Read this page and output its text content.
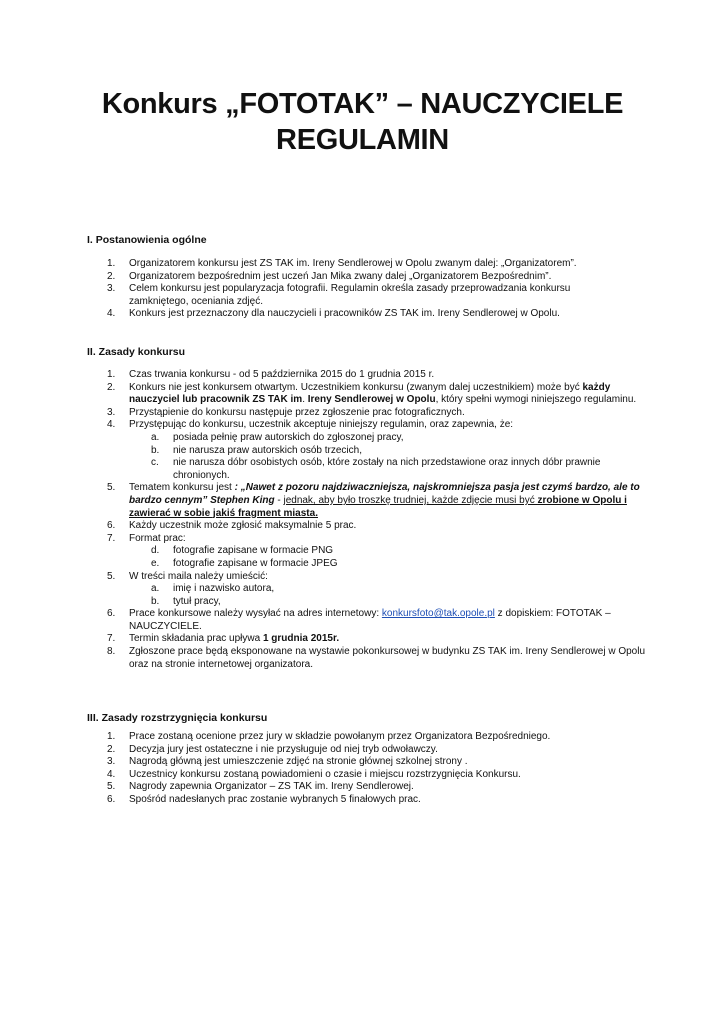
Konkurs „FOTOTAK” – NAUCZYCIELE
REGULAMIN

I. Postanowienia ogólne

1. Organizatorem konkursu jest ZS TAK im. Ireny Sendlerowej w Opolu zwanym dalej: „Organizatorem”.
2. Organizatorem bezpośrednim jest uczeń Jan Mika zwany dalej „Organizatorem Bezpośrednim”.
3. Celem konkursu jest popularyzacja fotografii. Regulamin określa zasady przeprowadzania konkursu zamkniętego, oceniania zdjęć.
4. Konkurs jest przeznaczony dla nauczycieli i pracowników ZS TAK im. Ireny Sendlerowej w Opolu.

II. Zasady konkursu

1. Czas trwania konkursu - od 5 października 2015 do 1 grudnia 2015 r.
2. Konkurs nie jest konkursem otwartym. Uczestnikiem konkursu (zwanym dalej uczestnikiem) może być każdy nauczyciel lub pracownik ZS TAK im. Ireny Sendlerowej w Opolu, który spełni wymogi niniejszego regulaminu.
3. Przystąpienie do konkursu następuje przez zgłoszenie prac fotograficznych.
4. Przystępując do konkursu, uczestnik akceptuje niniejszy regulamin, oraz zapewnia, że:
a. posiada pełnię praw autorskich do zgłoszonej pracy,
b. nie narusza praw autorskich osób trzecich,
c. nie narusza dóbr osobistych osób, które zostały na nich przedstawione oraz innych dóbr prawnie chronionych.
5. Tematem konkursu jest : „Nawet z pozoru najdziwaczniejsza, najskromniejsza pasja jest czymś bardzo, ale to bardzo cennym” Stephen King - jednak, aby było troszkę trudniej, każde zdjęcie musi być zrobione w Opolu i zawierać w sobie jakiś fragment miasta.
6. Każdy uczestnik może zgłosić maksymalnie 5 prac.
7. Format prac:
d. fotografie zapisane w formacie PNG
e. fotografie zapisane w formacie JPEG
5. W treści maila należy umieścić:
a. imię i nazwisko autora,
b. tytuł pracy,
6. Prace konkursowe należy wysyłać na adres internetowy: konkursfoto@tak.opole.pl z dopiskiem: FOTOTAK – NAUCZYCIELE.
7. Termin składania prac upływa 1 grudnia 2015r.
8. Zgłoszone prace będą eksponowane na wystawie pokonkursowej w budynku ZS TAK im. Ireny Sendlerowej w Opolu oraz na stronie internetowej organizatora.

III. Zasady rozstrzygnięcia konkursu

1. Prace zostaną ocenione przez jury w składzie powołanym przez Organizatora Bezpośredniego.
2. Decyzja jury jest ostateczne i nie przysługuje od niej tryb odwoławczy.
3. Nagrodą główną jest umieszczenie zdjęć na stronie głównej szkolnej strony .
4. Uczestnicy konkursu zostaną powiadomieni o czasie i miejscu rozstrzygnięcia Konkursu.
5. Nagrody zapewnia Organizator – ZS TAK im. Ireny Sendlerowej.
6. Spośród nadesłanych prac zostanie wybranych 5 finałowych prac.
